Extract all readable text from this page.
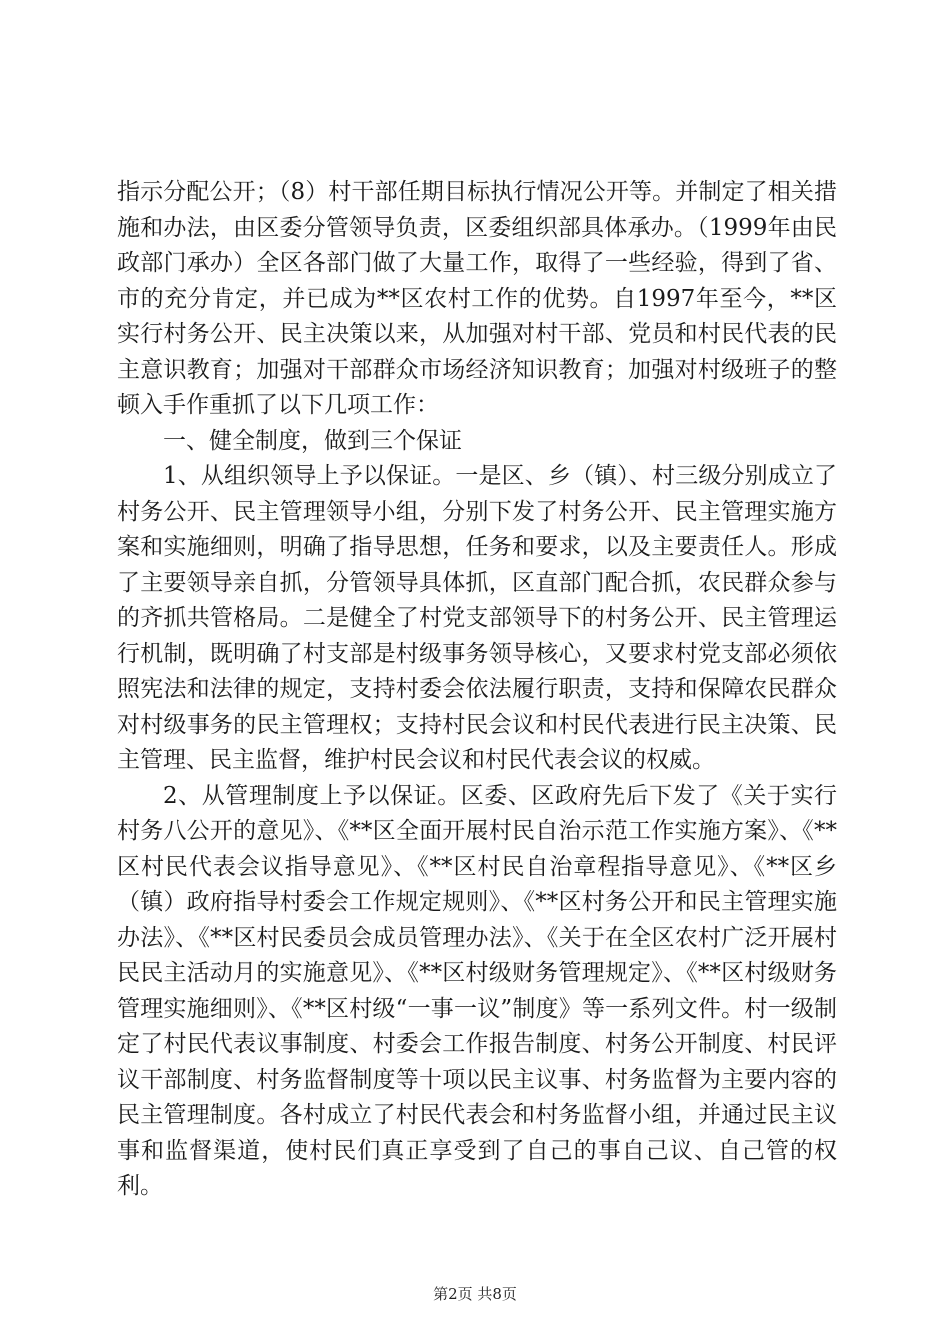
指示分配公开；（8）村干部任期目标执行情况公开等。并制定了相关措施和办法，由区委分管领导负责，区委组织部具体承办。（1999年由民政部门承办）全区各部门做了大量工作，取得了一些经验，得到了省、市的充分肯定，并已成为**区农村工作的优势。自1997年至今，**区实行村务公开、民主决策以来，从加强对村干部、党员和村民代表的民主意识教育；加强对干部群众市场经济知识教育；加强对村级班子的整顿入手作重抓了以下几项工作：

一、健全制度，做到三个保证

1、从组织领导上予以保证。一是区、乡（镇）、村三级分别成立了村务公开、民主管理领导小组，分别下发了村务公开、民主管理实施方案和实施细则，明确了指导思想，任务和要求，以及主要责任人。形成了主要领导亲自抓，分管领导具体抓，区直部门配合抓，农民群众参与的齐抓共管格局。二是健全了村党支部领导下的村务公开、民主管理运行机制，既明确了村支部是村级事务领导核心，又要求村党支部必须依照宪法和法律的规定，支持村委会依法履行职责，支持和保障农民群众对村级事务的民主管理权；支持村民会议和村民代表进行民主决策、民主管理、民主监督，维护村民会议和村民代表会议的权威。

2、从管理制度上予以保证。区委、区政府先后下发了《关于实行村务八公开的意见》、《**区全面开展村民自治示范工作实施方案》、《**区村民代表会议指导意见》、《**区村民自治章程指导意见》、《**区乡（镇）政府指导村委会工作规定规则》、《**区村务公开和民主管理实施办法》、《**区村民委员会成员管理办法》、《关于在全区农村广泛开展村民民主活动月的实施意见》、《**区村级财务管理规定》、《**区村级财务管理实施细则》、《**区村级“一事一议”制度》等一系列文件。村一级制定了村民代表议事制度、村委会工作报告制度、村务公开制度、村民评议干部制度、村务监督制度等十项以民主议事、村务监督为主要内容的民主管理制度。各村成立了村民代表会和村务监督小组，并通过民主议事和监督渠道，使村民们真正享受到了自己的事自己议、自己管的权利。

第2页 共8页
